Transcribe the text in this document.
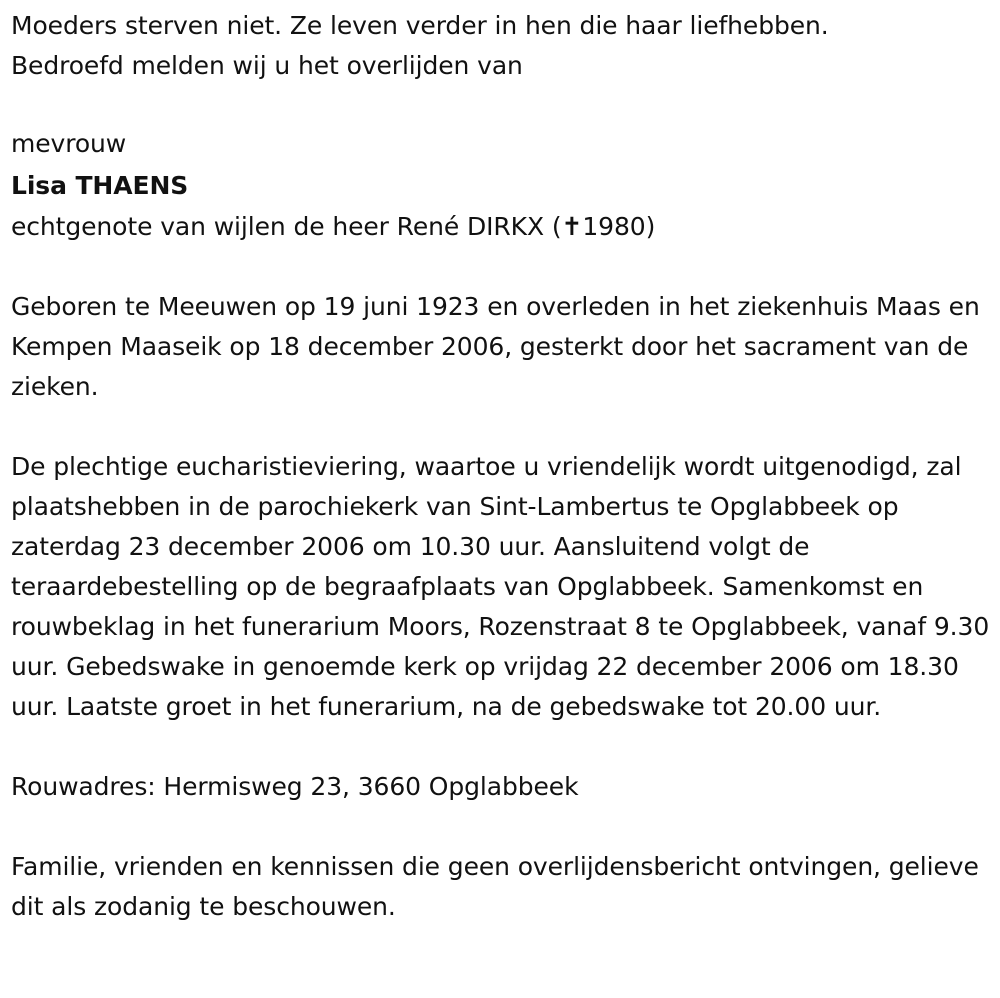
Moeders sterven niet. Ze leven verder in hen die haar liefhebben.

Bedroefd melden wij u het overlijden van

mevrouw

Lisa THAENS

echtgenote van wijlen de heer René DIRKX (✝1980)

Geboren te Meeuwen op 19 juni 1923 en overleden in het ziekenhuis Maas en Kempen Maaseik op 18 december 2006, gesterkt door het sacrament van de zieken.

De plechtige eucharistieviering, waartoe u vriendelijk wordt uitgenodigd, zal plaatshebben in de parochiekerk van Sint-Lambertus te Opglabbeek op zaterdag 23 december 2006 om 10.30 uur. Aansluitend volgt de teraardebestelling op de begraafplaats van Opglabbeek. Samenkomst en rouwbeklag in het funerarium Moors, Rozenstraat 8 te Opglabbeek, vanaf 9.30 uur. Gebedswake in genoemde kerk op vrijdag 22 december 2006 om 18.30 uur. Laatste groet in het funerarium, na de gebedswake tot 20.00 uur.

Rouwadres: Hermisweg 23, 3660 Opglabbeek

Familie, vrienden en kennissen die geen overlijdensbericht ontvingen, gelieve dit als zodanig te beschouwen.
